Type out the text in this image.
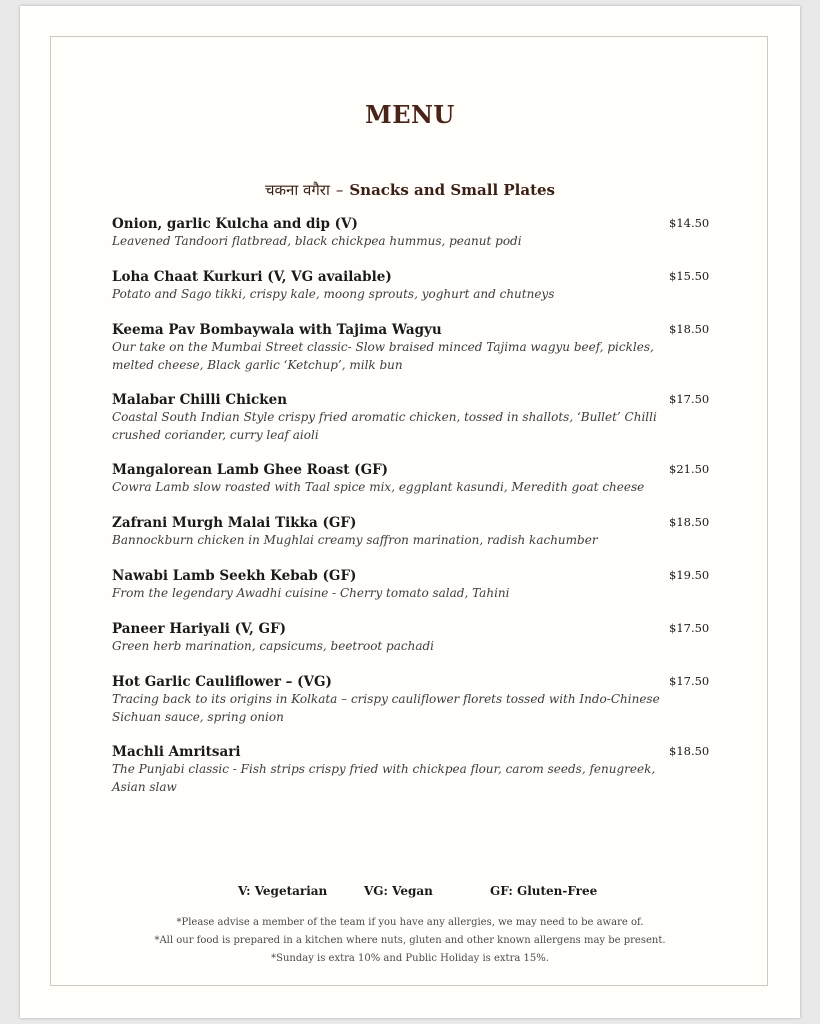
MENU
चकना वगैरा – Snacks and Small Plates
Onion, garlic Kulcha and dip (V)
Leavened Tandoori flatbread, black chickpea hummus, peanut podi
$14.50
Loha Chaat Kurkuri (V, VG available)
Potato and Sago tikki, crispy kale, moong sprouts, yoghurt and chutneys
$15.50
Keema Pav Bombaywala with Tajima Wagyu
Our take on the Mumbai Street classic- Slow braised minced Tajima wagyu beef, pickles, melted cheese, Black garlic ‘Ketchup’, milk bun
$18.50
Malabar Chilli Chicken
Coastal South Indian Style crispy fried aromatic chicken, tossed in shallots, ‘Bullet’ Chilli crushed coriander, curry leaf aioli
$17.50
Mangalorean Lamb Ghee Roast (GF)
Cowra Lamb slow roasted with Taal spice mix, eggplant kasundi, Meredith goat cheese
$21.50
Zafrani Murgh Malai Tikka (GF)
Bannockburn chicken in Mughlai creamy saffron marination, radish kachumber
$18.50
Nawabi Lamb Seekh Kebab (GF)
From the legendary Awadhi cuisine - Cherry tomato salad, Tahini
$19.50
Paneer Hariyali (V, GF)
Green herb marination, capsicums, beetroot pachadi
$17.50
Hot Garlic Cauliflower – (VG)
Tracing back to its origins in Kolkata – crispy cauliflower florets tossed with Indo-Chinese Sichuan sauce, spring onion
$17.50
Machli Amritsari
The Punjabi classic - Fish strips crispy fried with chickpea flour, carom seeds, fenugreek, Asian slaw
$18.50
V: Vegetarian	VG: Vegan	GF: Gluten-Free
*Please advise a member of the team if you have any allergies, we may need to be aware of.
*All our food is prepared in a kitchen where nuts, gluten and other known allergens may be present.
*Sunday is extra 10% and Public Holiday is extra 15%.
